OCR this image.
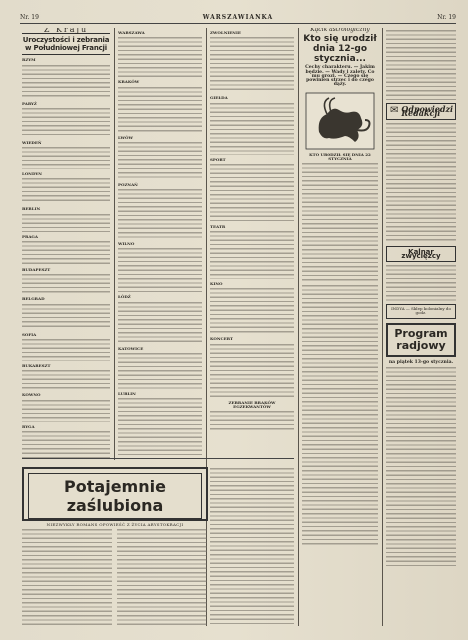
Nr. 19	WARSZAWIANKA	Nr. 19
Z Kraju
Uroczystości i zebrania w Południowej Francji
RZYM
PARYŻ
WIEDEŃ
LONDYN
BERLIN
PRAGA
BUDAPESZT
BELGRAD
SOFIA
BUKARESZT
KOWNO
RYGA
WARSZAWA
KRAKÓW
LWÓW
POZNAŃ
WILNO
ŁÓDŹ
KATOWICE
LUBLIN
ZWOLNIENIE
GIEŁDA
SPORT
TEATR
KINO
KONCERT
ZEBRANIE BRAKÓW EGZEKWANTÓW
Potajemnie zaślubiona
NIEZWYKŁY ROMANS OPOWIEŚĆ Z ŻYCIA ARYSTOKRACJI

Kącik astrologiczny
Kto się urodził dnia 12-go stycznia...
Cechy charakteru. — Jakim będzie. — Wady i zalety. Co mu grozi. — Czego się powinien strzec i do czego dąży.
KTO UR0DZIŁ SIĘ DNIA 22 STYCZNIA
✉ Odpowiedzi Redakcji
Kalnar zwycięzcy
INDYA — Sklep kolonialny do godz.
Program radjowy
na piątek 13-go stycznia.
